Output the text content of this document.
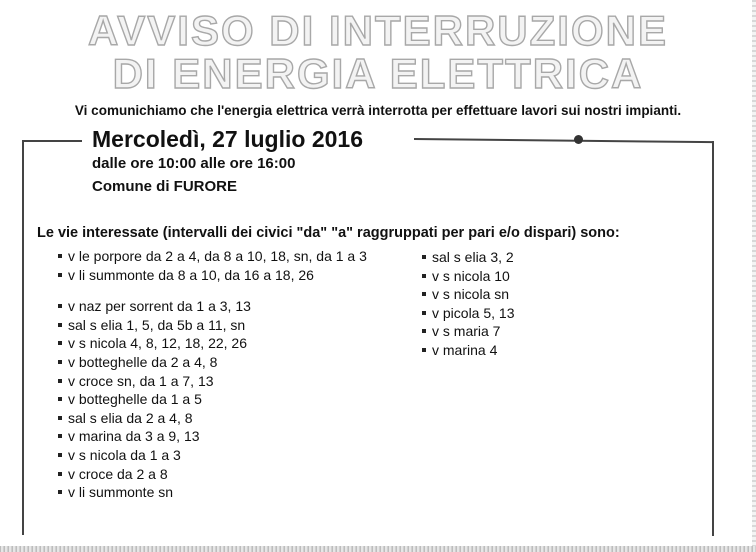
AVVISO DI INTERRUZIONE
DI ENERGIA ELETTRICA
Vi comunichiamo che l'energia elettrica verrà interrotta per effettuare lavori sui nostri impianti.
Mercoledì, 27 luglio 2016
dalle ore 10:00 alle ore 16:00
Comune di FURORE
Le vie interessate (intervalli dei civici "da" "a" raggruppati per pari e/o dispari) sono:
v le porpore da 2 a 4, da 8 a 10, 18, sn, da 1 a 3
v li summonte da 8 a 10, da 16 a 18, 26
v naz per sorrent da 1 a 3, 13
sal s elia 1, 5, da 5b a 11, sn
v s nicola 4, 8, 12, 18, 22, 26
v botteghelle da 2 a 4, 8
v croce sn, da 1 a 7, 13
v botteghelle da 1 a 5
sal s elia da 2 a 4, 8
v marina da 3 a 9, 13
v s nicola da 1 a 3
v croce da 2 a 8
v li summonte sn
sal s elia 3, 2
v s nicola 10
v s nicola sn
v picola 5, 13
v s maria 7
v marina 4
